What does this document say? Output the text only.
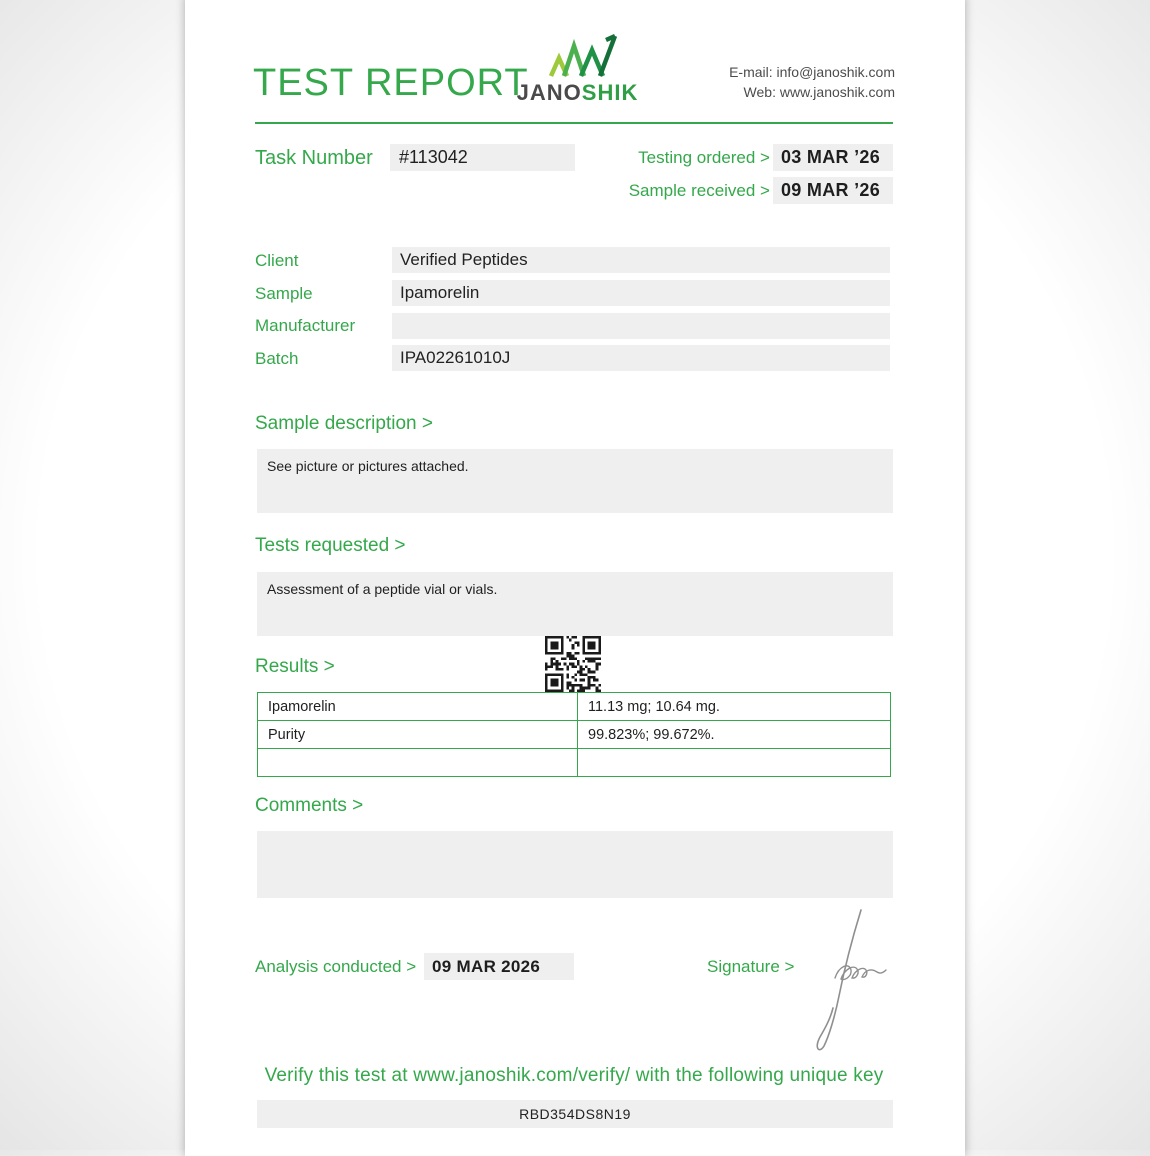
TEST REPORT
JANOSHIK
E-mail: info@janoshik.com
Web: www.janoshik.com
Task Number	#113042	Testing ordered > 03 MAR ’26
Sample received > 09 MAR ’26
Client	Verified Peptides
Sample	Ipamorelin
Manufacturer
Batch	IPA02261010J
Sample description >
See picture or pictures attached.
Tests requested >
Assessment of a peptide vial or vials.
Results >
Ipamorelin	11.13 mg; 10.64 mg.
Purity	99.823%; 99.672%.

Comments >
Analysis conducted > 09 MAR 2026	Signature >
Verify this test at www.janoshik.com/verify/ with the following unique key
RBD354DS8N19
